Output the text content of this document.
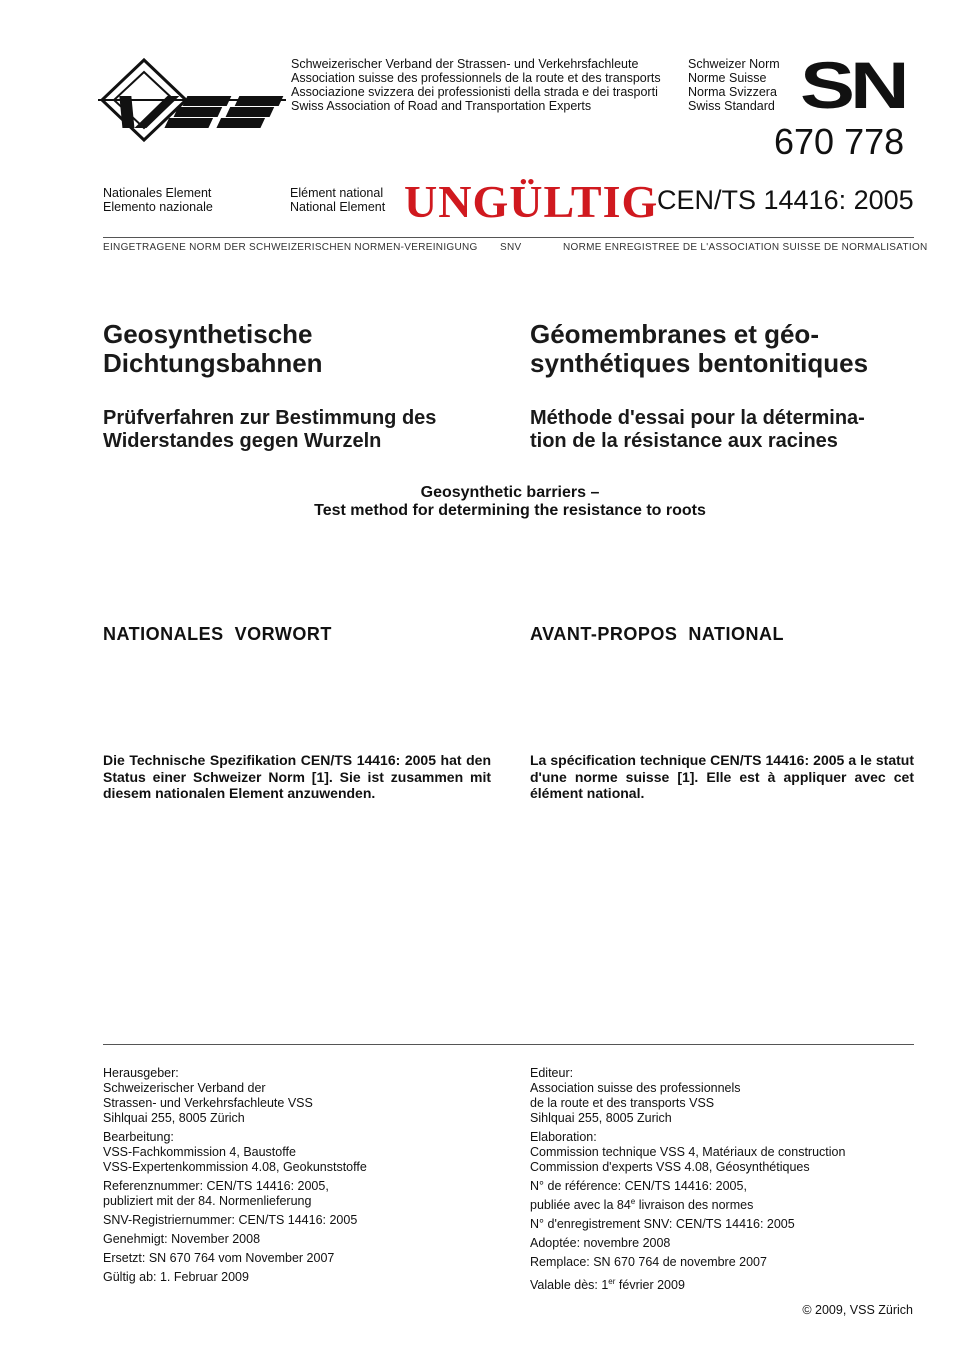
Schweizerischer Verband der Strassen- und Verkehrsfachleute
Association suisse des professionnels de la route et des transports
Associazione svizzera dei professionisti della strada e dei trasporti
Swiss Association of Road and Transportation Experts
Schweizer Norm
Norme Suisse
Norma Svizzera
Swiss Standard SN
670 778
Nationales Element
Elemento nazionale
Elément national
National Element UNGÜLTIG
CEN/TS 14416: 2005
EINGETRAGENE NORM DER SCHWEIZERISCHEN NORMEN-VEREINIGUNG SNV	NORME ENREGISTREE DE L'ASSOCIATION SUISSE DE NORMALISATION
Geosynthetische
Dichtungsbahnen
Géomembranes et géo-
synthétiques bentonitiques
Prüfverfahren zur Bestimmung des
Widerstandes gegen Wurzeln
Méthode d'essai pour la détermina-
tion de la résistance aux racines
Geosynthetic barriers –
Test method for determining the resistance to roots
NATIONALES  VORWORT	AVANT-PROPOS  NATIONAL
Die Technische Spezifikation CEN/TS 14416: 2005 hat den Status einer Schweizer Norm [1]. Sie ist zusammen mit diesem nationalen Element anzuwenden.
La spécification technique CEN/TS 14416: 2005 a le statut d'une norme suisse [1]. Elle est à appliquer avec cet élément national.
Herausgeber:
Schweizerischer Verband der
Strassen- und Verkehrsfachleute VSS
Sihlquai 255, 8005 Zürich
Bearbeitung:
VSS-Fachkommission 4, Baustoffe
VSS-Expertenkommission 4.08, Geokunststoffe
Referenznummer: CEN/TS 14416: 2005,
publiziert mit der 84. Normenlieferung
SNV-Registriernummer: CEN/TS 14416: 2005
Genehmigt: November 2008
Ersetzt: SN 670 764 vom November 2007
Gültig ab: 1. Februar 2009
Editeur:
Association suisse des professionnels
de la route et des transports VSS
Sihlquai 255, 8005 Zurich
Elaboration:
Commission technique VSS 4, Matériaux de construction
Commission d'experts VSS 4.08, Géosynthétiques
N° de référence: CEN/TS 14416: 2005,
publiée avec la 84e livraison des normes
N° d'enregistrement SNV: CEN/TS 14416: 2005
Adoptée: novembre 2008
Remplace: SN 670 764 de novembre 2007
Valable dès: 1er février 2009
© 2009, VSS Zürich
